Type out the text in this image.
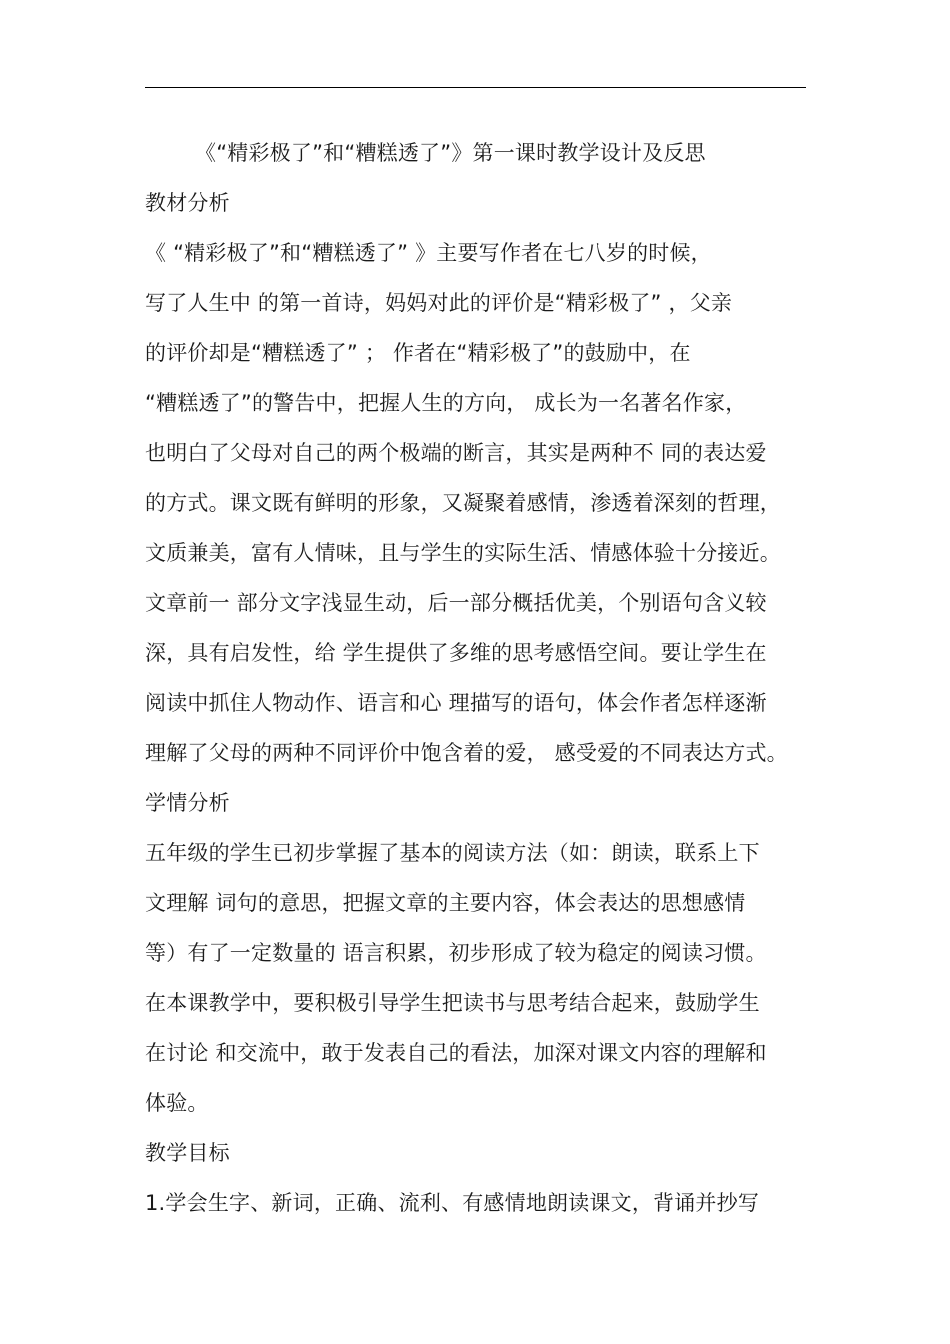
《“精彩极了”和“糟糕透了”》第一课时教学设计及反思
教材分析
《 “精彩极了”和“糟糕透了” 》主要写作者在七八岁的时候，
写了人生中 的第一首诗，妈妈对此的评价是“精彩极了” ，父亲
的评价却是“糟糕透了” ； 作者在“精彩极了”的鼓励中，在
“糟糕透了”的警告中，把握人生的方向， 成长为一名著名作家，
也明白了父母对自己的两个极端的断言，其实是两种不 同的表达爱
的方式。课文既有鲜明的形象，又凝聚着感情，渗透着深刻的哲理，
文质兼美，富有人情味，且与学生的实际生活、情感体验十分接近。
文章前一 部分文字浅显生动，后一部分概括优美，个别语句含义较
深，具有启发性，给 学生提供了多维的思考感悟空间。要让学生在
阅读中抓住人物动作、语言和心 理描写的语句，体会作者怎样逐渐
理解了父母的两种不同评价中饱含着的爱， 感受爱的不同表达方式。
学情分析
五年级的学生已初步掌握了基本的阅读方法（如：朗读，联系上下
文理解 词句的意思，把握文章的主要内容，体会表达的思想感情
等）有了一定数量的 语言积累，初步形成了较为稳定的阅读习惯。
在本课教学中，要积极引导学生把读书与思考结合起来，鼓励学生
在讨论 和交流中，敢于发表自己的看法，加深对课文内容的理解和
体验。
教学目标
1.学会生字、新词，正确、流利、有感情地朗读课文，背诵并抄写
